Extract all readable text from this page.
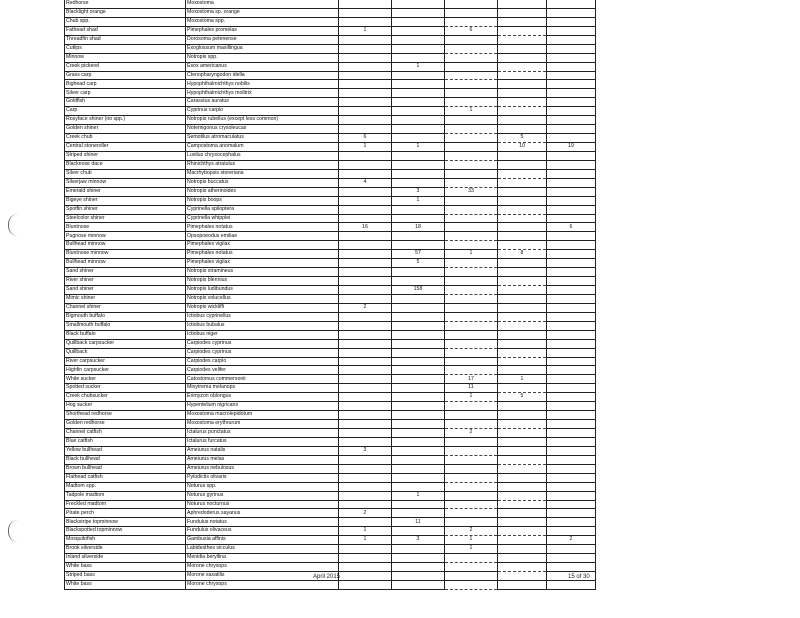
Redhorse	Moxostoma					
Blacklight orange	Moxostoma sp. orange					
Chub spp.	Moxostoma spp.					
Fathead shad	Pimephales promelas	1		6		
Threadfin shad	Dorosoma petenense					
Cutlips	Exoglossum maxillingua					
Minnow	Notropis spp.					
Creek pickerel	Esox americanus		1			
Grass carp	Ctenopharyngodon idella					
Bighead carp	Hypophthalmichthys nobilis					
Silver carp	Hypophthalmichthys molitrix					
Goldfish	Carassius auratus					
Carp	Cyprinus carpio			1		
Rosyface shiner (no spp.)	Notropis rubellus (except less common)					
Golden shiner	Notemigonus crysoleucas					
Creek chub	Semotilus atromaculatus	6			5	
Central stoneroller	Campostoma anomalum	1	1		10	19
Striped shiner	Luxilus chrysocephalus					
Blacknose dace	Rhinichthys atratulus					
Silver chub	Macrhybopsis storeriana					
Silverjaw minnow	Notropis buccatus	4				
Emerald shiner	Notropis atherinoides		3	33		
Bigeye shiner	Notropis boops		1			
Spotfin shiner	Cyprinella spiloptera					
Steelcolor shiner	Cyprinella whipplei					
Bluntnose	Pimephales notatus	16	18			6
Pugnose minnow	Opsopoeodus emiliae					
Bullhead minnow	Pimephales vigilax					
Bluntnose minnow	Pimephales notatus		57	1	8	
Bullhead minnow	Pimephales vigilax		5			
Sand shiner	Notropis stramineus					
River shiner	Notropis blennius					
Sand shiner	Notropis ludibundus		158			
Mimic shiner	Notropis volucellus					
Channel shiner	Notropis wickliffi	2				
Bigmouth buffalo	Ictiobus cyprinellus					
Smallmouth buffalo	Ictiobus bubalus					
Black buffalo	Ictiobus niger					
Quillback carpsucker	Carpiodes cyprinus					
Quillback	Carpiodes cyprinus					
River carpsucker	Carpiodes carpio					
Highfin carpsucker	Carpiodes velifer					
White sucker	Catostomus commersonii			17	1	
Spotted sucker	Minytrema melanops			11		
Creek chubsucker	Erimyzon oblongus			1	5	
Hog sucker	Hypentelium nigricans					
Shorthead redhorse	Moxostoma macrolepidotum					
Golden redhorse	Moxostoma erythrurum					
Channel catfish	Ictalurus punctatus			2		
Blue catfish	Ictalurus furcatus					
Yellow bullhead	Ameiurus natalis	3				
Black bullhead	Ameiurus melas					
Brown bullhead	Ameiurus nebulosus					
Flathead catfish	Pylodictis olivaris					
Madtom spp.	Noturus spp.					
Tadpole madtom	Noturus gyrinus		1			
Freckled madtom	Noturus nocturnus					
Pirate perch	Aphredoderus sayanus	2				
Blackstripe topminnow	Fundulus notatus		11			
Blackspotted topminnow	Fundulus olivaceus	1		2		
Mosquitofish	Gambusia affinis	1	3	1		2
Brook silverside	Labidesthes sicculus			1		
Inland silverside	Menidia beryllina					
White bass	Morone chrysops					
Striped bass	Morone saxatilis					
White bass	Morone chrysops					
April 2015	15 of 30
